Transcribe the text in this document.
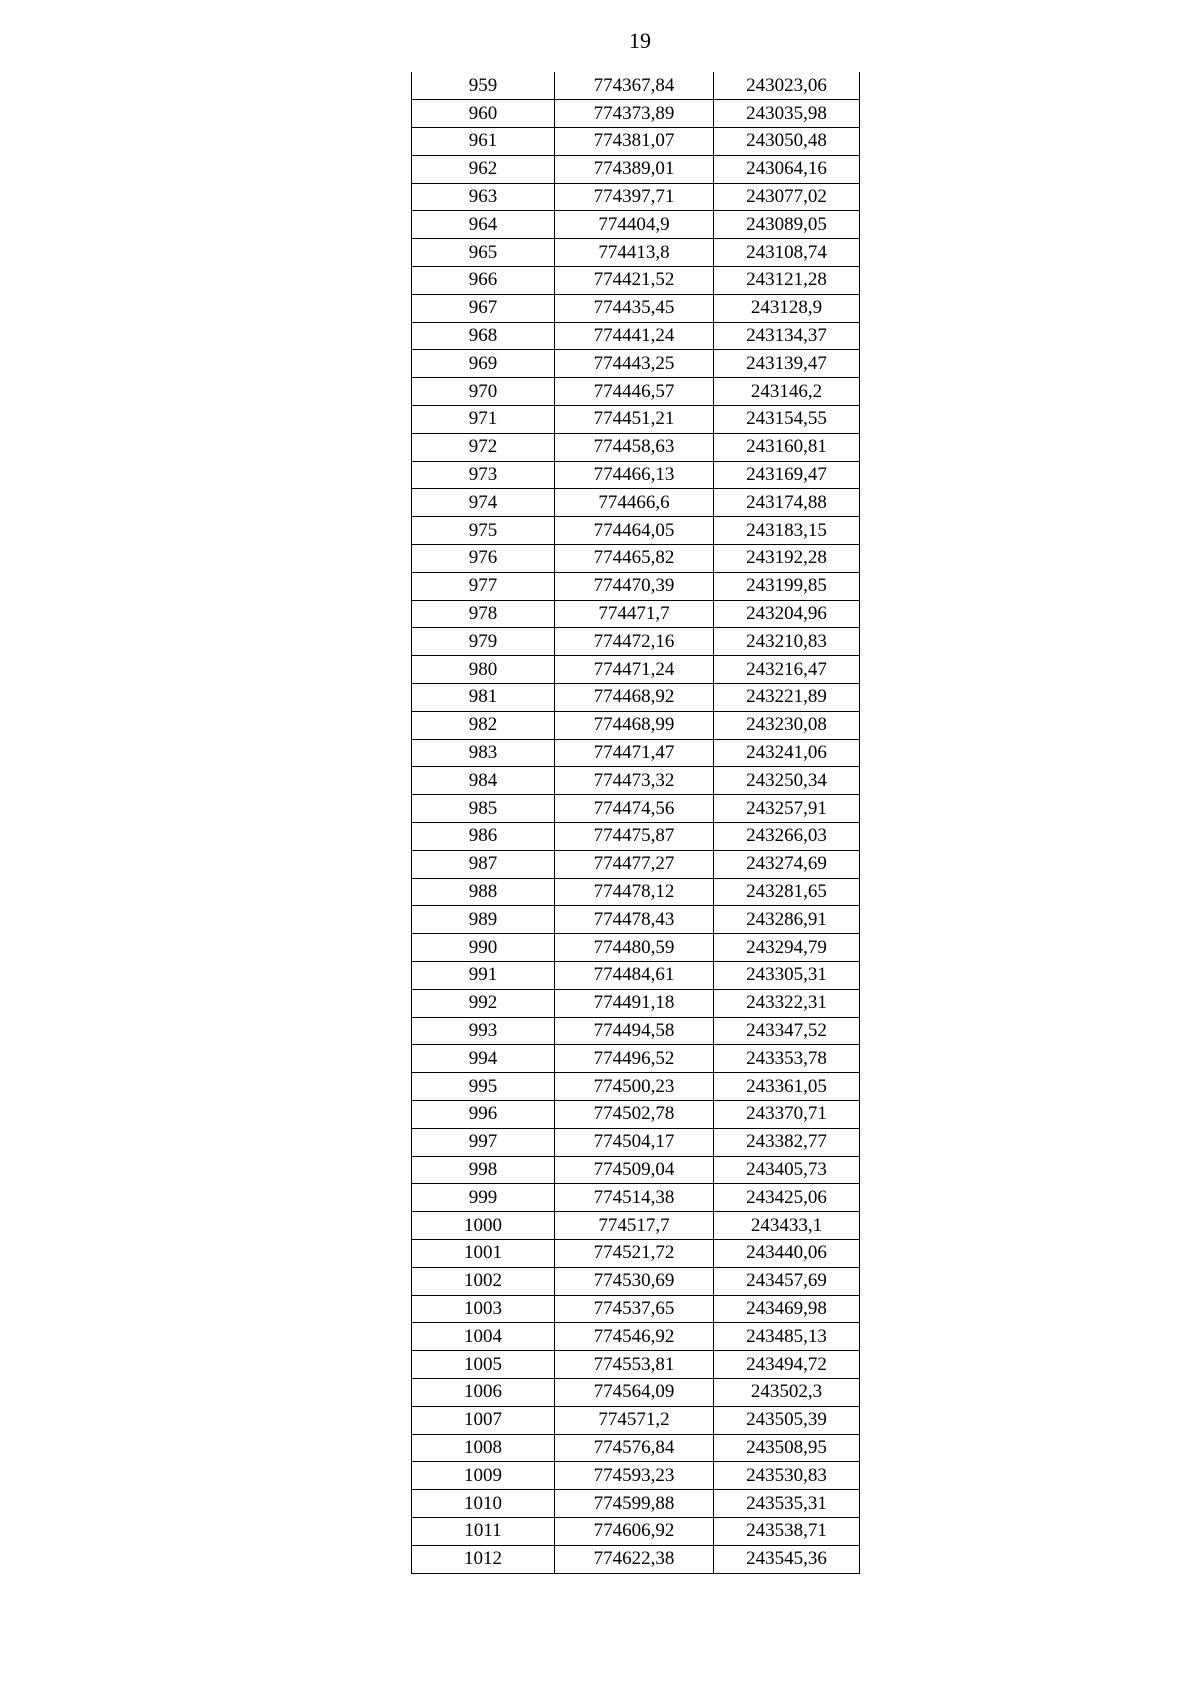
19
959	774367,84	243023,06
960	774373,89	243035,98
961	774381,07	243050,48
962	774389,01	243064,16
963	774397,71	243077,02
964	774404,9	243089,05
965	774413,8	243108,74
966	774421,52	243121,28
967	774435,45	243128,9
968	774441,24	243134,37
969	774443,25	243139,47
970	774446,57	243146,2
971	774451,21	243154,55
972	774458,63	243160,81
973	774466,13	243169,47
974	774466,6	243174,88
975	774464,05	243183,15
976	774465,82	243192,28
977	774470,39	243199,85
978	774471,7	243204,96
979	774472,16	243210,83
980	774471,24	243216,47
981	774468,92	243221,89
982	774468,99	243230,08
983	774471,47	243241,06
984	774473,32	243250,34
985	774474,56	243257,91
986	774475,87	243266,03
987	774477,27	243274,69
988	774478,12	243281,65
989	774478,43	243286,91
990	774480,59	243294,79
991	774484,61	243305,31
992	774491,18	243322,31
993	774494,58	243347,52
994	774496,52	243353,78
995	774500,23	243361,05
996	774502,78	243370,71
997	774504,17	243382,77
998	774509,04	243405,73
999	774514,38	243425,06
1000	774517,7	243433,1
1001	774521,72	243440,06
1002	774530,69	243457,69
1003	774537,65	243469,98
1004	774546,92	243485,13
1005	774553,81	243494,72
1006	774564,09	243502,3
1007	774571,2	243505,39
1008	774576,84	243508,95
1009	774593,23	243530,83
1010	774599,88	243535,31
1011	774606,92	243538,71
1012	774622,38	243545,36
